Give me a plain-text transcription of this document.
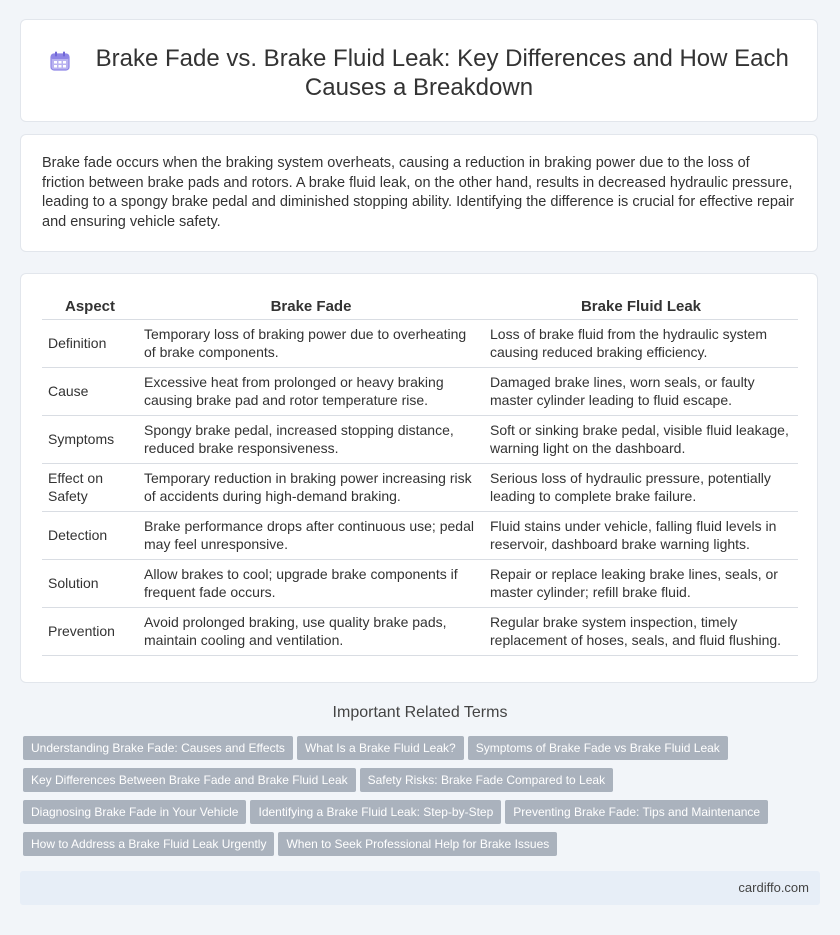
Brake Fade vs. Brake Fluid Leak: Key Differences and How Each Causes a Breakdown
Brake fade occurs when the braking system overheats, causing a reduction in braking power due to the loss of friction between brake pads and rotors. A brake fluid leak, on the other hand, results in decreased hydraulic pressure, leading to a spongy brake pedal and diminished stopping ability. Identifying the difference is crucial for effective repair and ensuring vehicle safety.
Aspect	Brake Fade	Brake Fluid Leak
Definition	Temporary loss of braking power due to overheating of brake components.	Loss of brake fluid from the hydraulic system causing reduced braking efficiency.
Cause	Excessive heat from prolonged or heavy braking causing brake pad and rotor temperature rise.	Damaged brake lines, worn seals, or faulty master cylinder leading to fluid escape.
Symptoms	Spongy brake pedal, increased stopping distance, reduced brake responsiveness.	Soft or sinking brake pedal, visible fluid leakage, warning light on the dashboard.
Effect on Safety	Temporary reduction in braking power increasing risk of accidents during high-demand braking.	Serious loss of hydraulic pressure, potentially leading to complete brake failure.
Detection	Brake performance drops after continuous use; pedal may feel unresponsive.	Fluid stains under vehicle, falling fluid levels in reservoir, dashboard brake warning lights.
Solution	Allow brakes to cool; upgrade brake components if frequent fade occurs.	Repair or replace leaking brake lines, seals, or master cylinder; refill brake fluid.
Prevention	Avoid prolonged braking, use quality brake pads, maintain cooling and ventilation.	Regular brake system inspection, timely replacement of hoses, seals, and fluid flushing.
Important Related Terms
Understanding Brake Fade: Causes and Effects What Is a Brake Fluid Leak? Symptoms of Brake Fade vs Brake Fluid Leak
Key Differences Between Brake Fade and Brake Fluid Leak Safety Risks: Brake Fade Compared to Leak
Diagnosing Brake Fade in Your Vehicle Identifying a Brake Fluid Leak: Step-by-Step Preventing Brake Fade: Tips and Maintenance
How to Address a Brake Fluid Leak Urgently When to Seek Professional Help for Brake Issues
cardiffo.com
